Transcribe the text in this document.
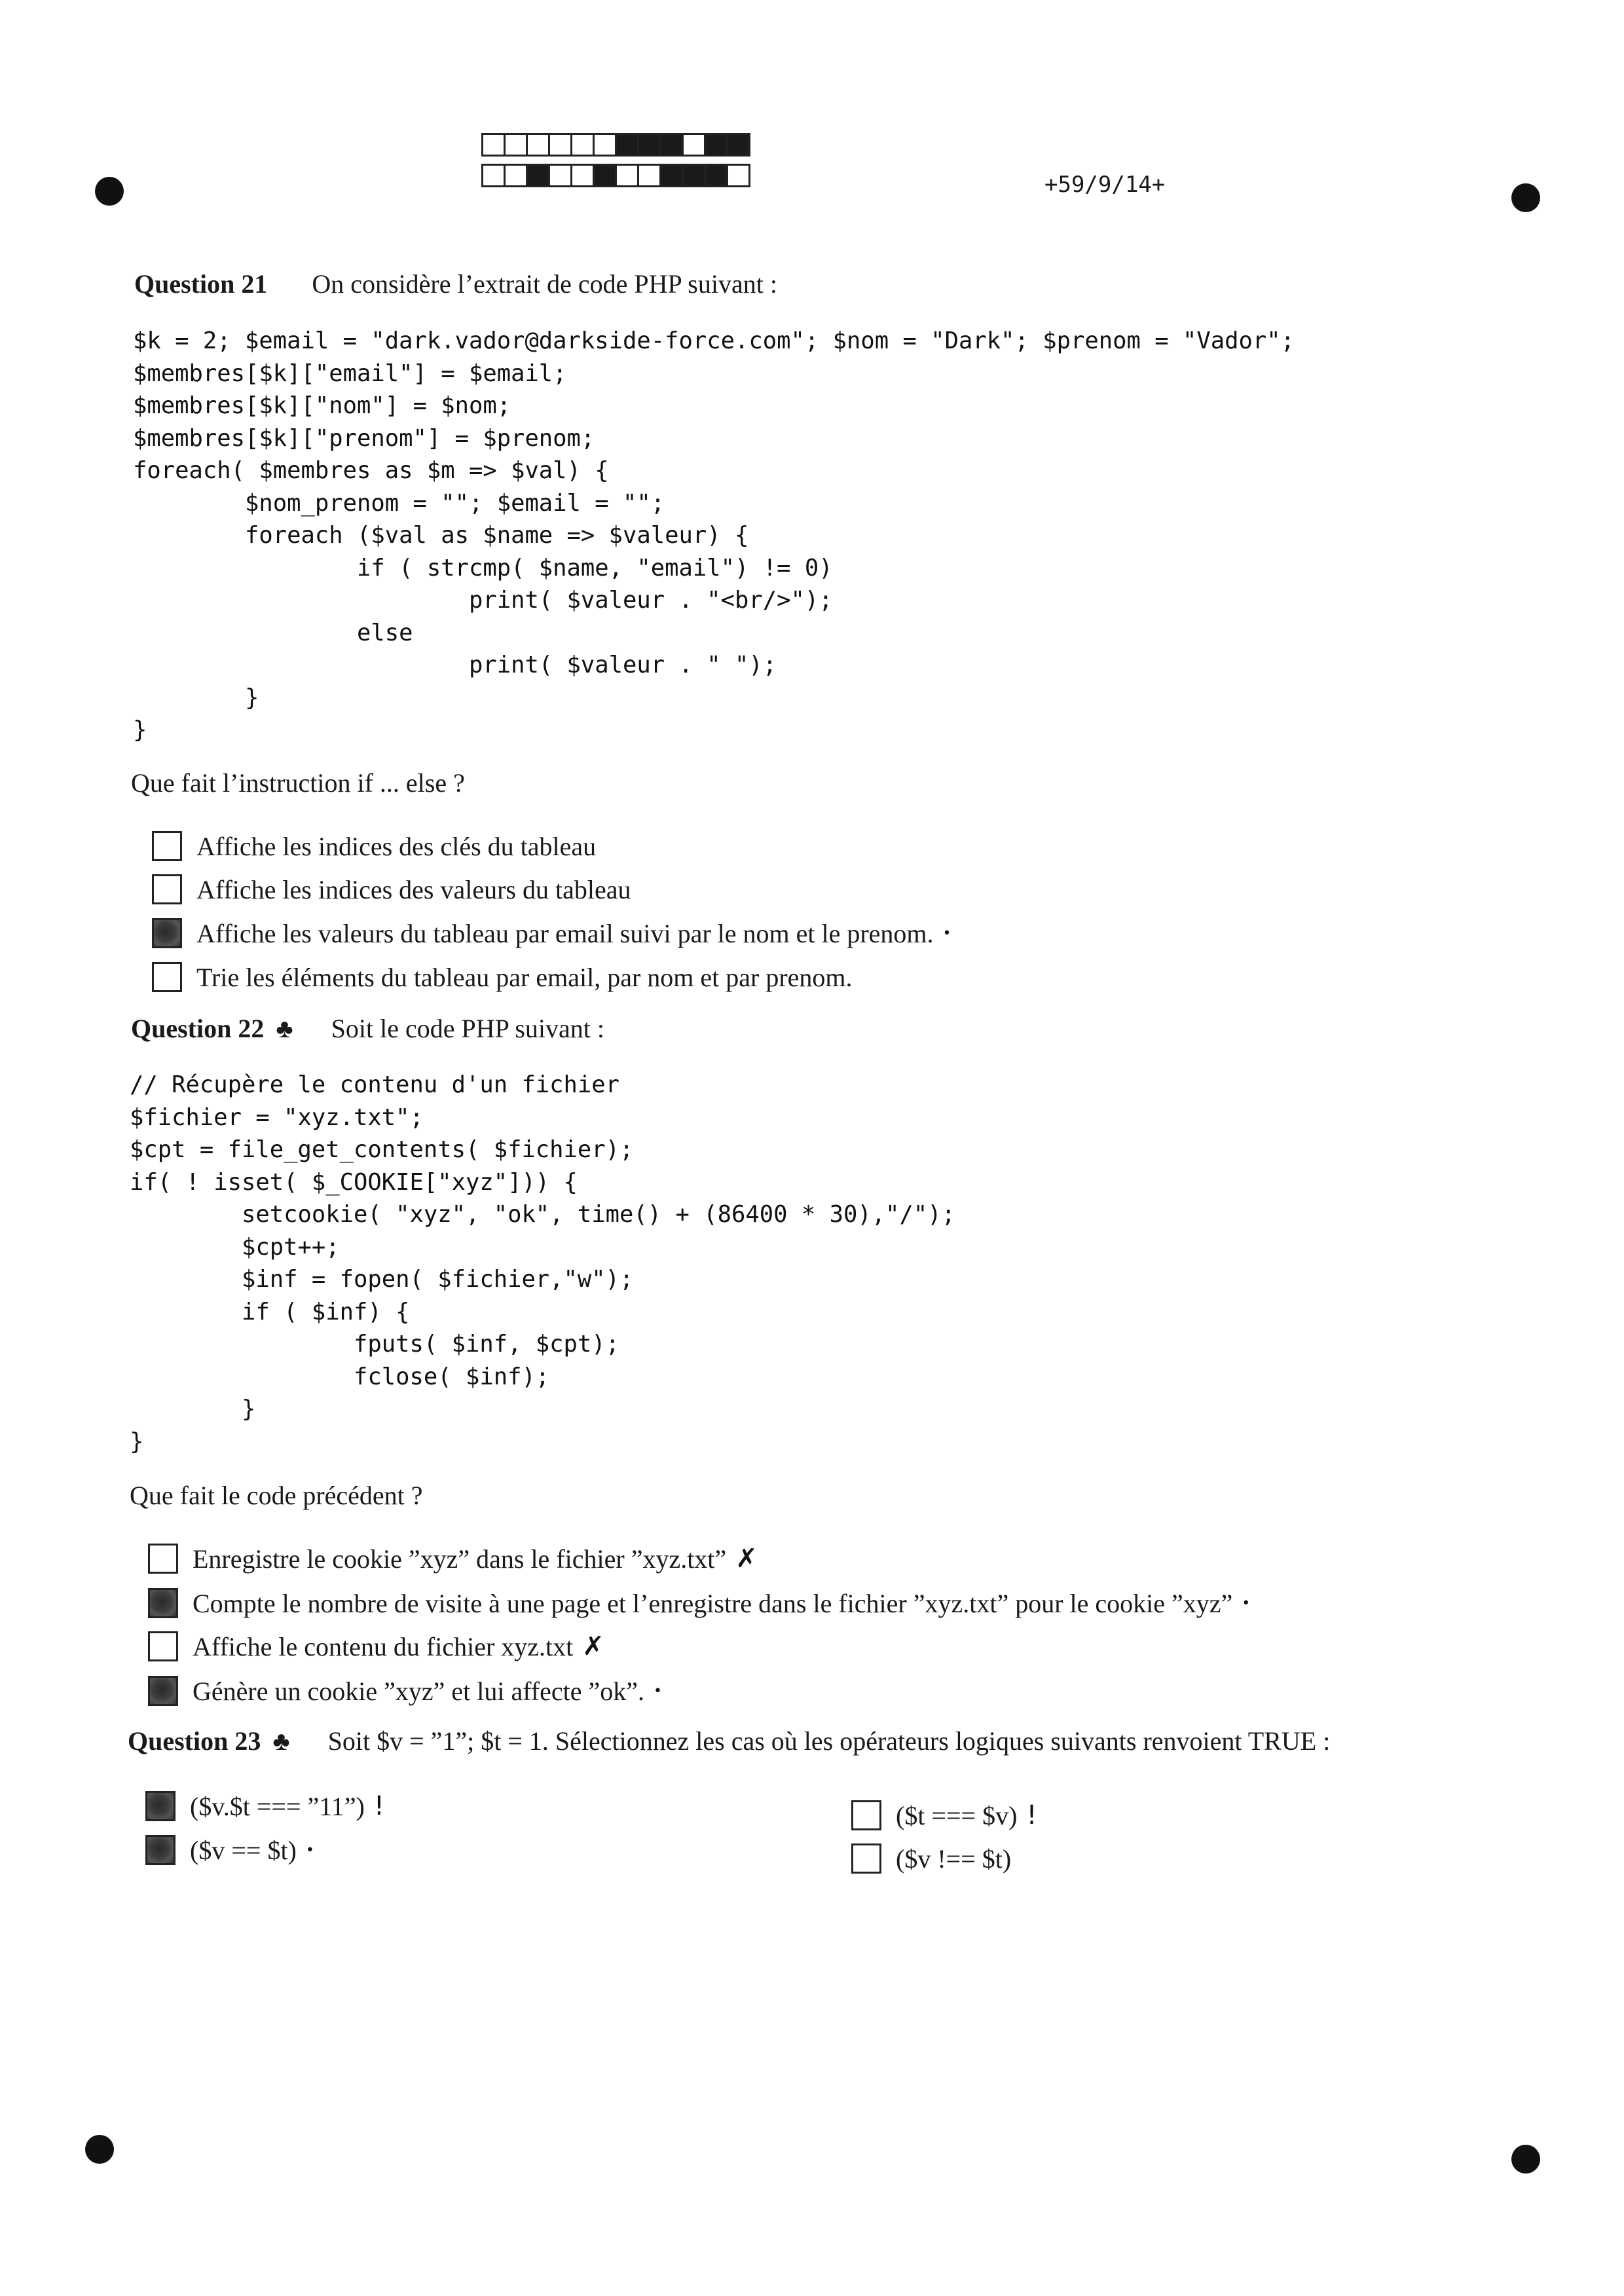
+59/9/14+
Question 21 On considère l’extrait de code PHP suivant :
$k = 2; $email = "dark.vador@darkside-force.com"; $nom = "Dark"; $prenom = "Vador";
$membres[$k]["email"] = $email;
$membres[$k]["nom"] = $nom;
$membres[$k]["prenom"] = $prenom;
foreach( $membres as $m => $val) {
$nom_prenom = ""; $email = "";
foreach ($val as $name => $valeur) {
if ( strcmp( $name, "email") != 0)
print( $valeur . "<br/>");
else
print( $valeur . " ");
}
}
Que fait l’instruction if ... else ?
Affiche les indices des clés du tableau
Affiche les indices des valeurs du tableau
Affiche les valeurs du tableau par email suivi par le nom et le prenom. •
Trie les éléments du tableau par email, par nom et par prenom.
Question 22 ♣ Soit le code PHP suivant :
// Récupère le contenu d'un fichier
$fichier = "xyz.txt";
$cpt = file_get_contents( $fichier);
if( ! isset( $_COOKIE["xyz"])) {
setcookie( "xyz", "ok", time() + (86400 * 30),"/");
$cpt++;
$inf = fopen( $fichier,"w");
if ( $inf) {
fputs( $inf, $cpt);
fclose( $inf);
}
}
Que fait le code précédent ?
Enregistre le cookie ”xyz” dans le fichier ”xyz.txt” ✗
Compte le nombre de visite à une page et l’enregistre dans le fichier ”xyz.txt” pour le cookie ”xyz” •
Affiche le contenu du fichier xyz.txt ✗
Génère un cookie ”xyz” et lui affecte ”ok”. •
Question 23 ♣ Soit $v = ”1”; $t = 1. Sélectionnez les cas où les opérateurs logiques suivants renvoient TRUE :
($v.$t === ”11”) !
($v == $t) •
($t === $v) !
($v !== $t)
